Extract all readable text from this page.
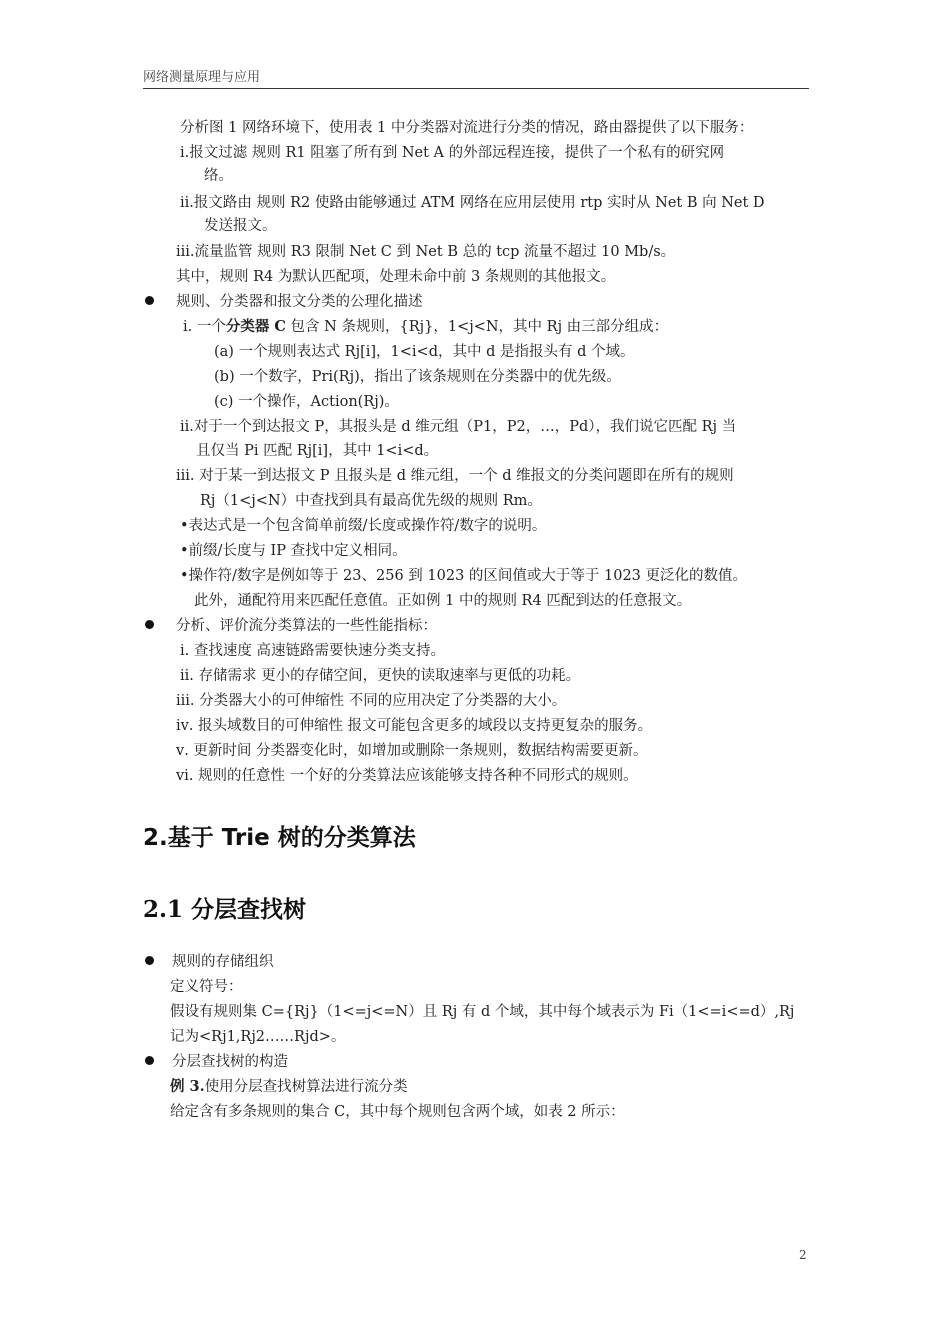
网络测量原理与应用
分析图 1 网络环境下，使用表 1 中分类器对流进行分类的情况，路由器提供了以下服务：
ⅰ.报文过滤 规则 R1 阻塞了所有到 Net A 的外部远程连接，提供了一个私有的研究网
络。
ⅱ.报文路由 规则 R2 使路由能够通过 ATM 网络在应用层使用 rtp 实时从 Net B 向 Net D
发送报文。
ⅲ.流量监管 规则 R3 限制 Net C 到 Net B 总的 tcp 流量不超过 10 Mb/s。
其中，规则 R4 为默认匹配项，处理未命中前 3 条规则的其他报文。
规则、分类器和报文分类的公理化描述
ⅰ. 一个分类器 C 包含 N 条规则，{Rj}，1<j<N，其中 Rj 由三部分组成：
(a) 一个规则表达式 Rj[i]，1<i<d，其中 d 是指报头有 d 个域。
(b) 一个数字，Pri(Rj)，指出了该条规则在分类器中的优先级。
(c) 一个操作，Action(Rj)。
ⅱ.对于一个到达报文 P，其报头是 d 维元组（P1，P2，…，Pd），我们说它匹配 Rj 当
且仅当 Pi 匹配 Rj[i]，其中 1<i<d。
ⅲ. 对于某一到达报文 P 且报头是 d 维元组，一个 d 维报文的分类问题即在所有的规则
Rj（1<j<N）中查找到具有最高优先级的规则 Rm。
•表达式是一个包含简单前缀/长度或操作符/数字的说明。
•前缀/长度与 IP 查找中定义相同。
•操作符/数字是例如等于 23、256 到 1023 的区间值或大于等于 1023 更泛化的数值。
此外，通配符用来匹配任意值。正如例 1 中的规则 R4 匹配到达的任意报文。
分析、评价流分类算法的一些性能指标：
ⅰ. 查找速度 高速链路需要快速分类支持。
ⅱ. 存储需求 更小的存储空间，更快的读取速率与更低的功耗。
ⅲ. 分类器大小的可伸缩性 不同的应用决定了分类器的大小。
ⅳ. 报头域数目的可伸缩性 报文可能包含更多的域段以支持更复杂的服务。
ⅴ. 更新时间 分类器变化时，如增加或删除一条规则，数据结构需要更新。
ⅵ. 规则的任意性 一个好的分类算法应该能够支持各种不同形式的规则。
2.基于 Trie 树的分类算法
2.1 分层查找树
规则的存储组织
定义符号：
假设有规则集 C={Rj}（1<=j<=N）且 Rj 有 d 个域，其中每个域表示为 Fi（1<=i<=d）,Rj
记为<Rj1,Rj2……Rjd>。
分层查找树的构造
例 3.使用分层查找树算法进行流分类
给定含有多条规则的集合 C，其中每个规则包含两个域，如表 2 所示：
2
